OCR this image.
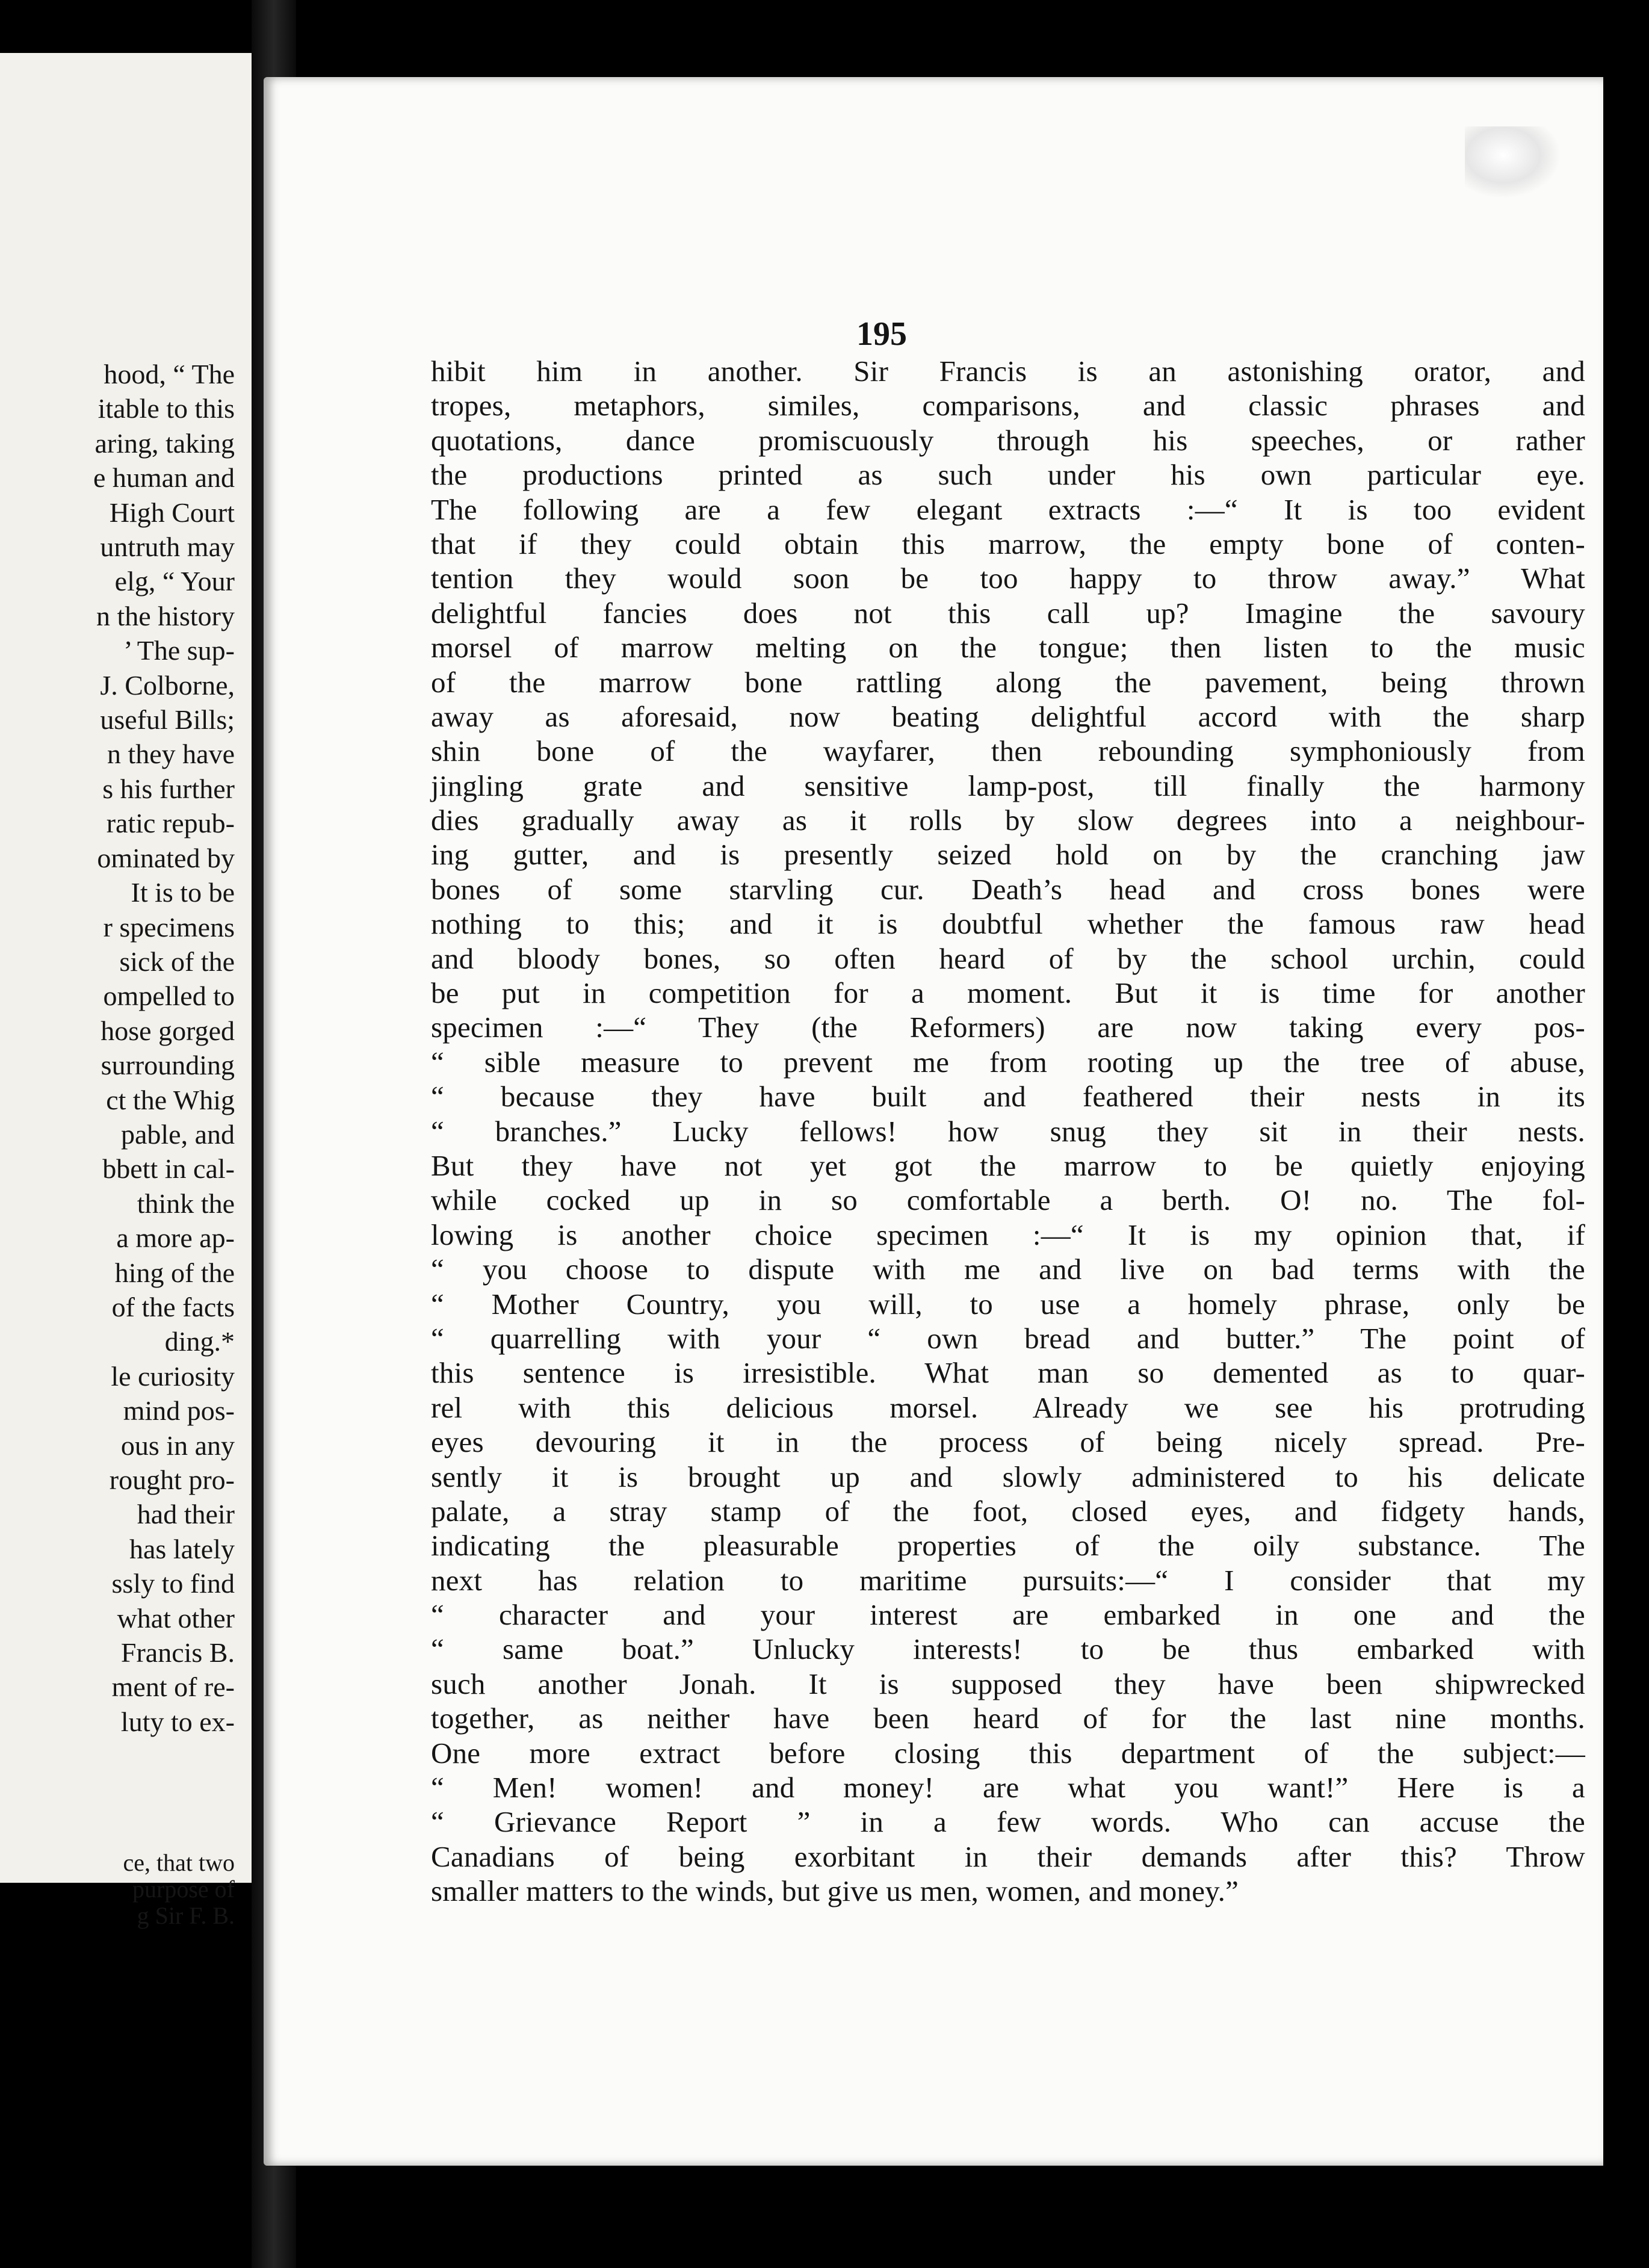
hood, “ The
itable to this
aring, taking
e human and
High Court
untruth may
elg, “ Your
n the history
’ The sup-
J. Colborne,
useful Bills;
n they have
s his further
ratic repub-
ominated by
It is to be
r specimens
sick of the
ompelled to
hose gorged
surrounding
ct the Whig
pable, and
bbett in cal-
think the
a more ap-
hing of the
of the facts
ding.*
le curiosity
mind pos-
ous in any
rought pro-
had their
has lately
ssly to find
what other
Francis B.
ment of re-
luty to ex-
ce, that two
purpose of
g Sir F. B.
195
hibit him in another. Sir Francis is an astonishing orator, and
tropes, metaphors, similes, comparisons, and classic phrases and
quotations, dance promiscuously through his speeches, or rather
the productions printed as such under his own particular eye.
The following are a few elegant extracts :—“ It is too evident
that if they could obtain this marrow, the empty bone of conten-
tention they would soon be too happy to throw away.” What
delightful fancies does not this call up? Imagine the savoury
morsel of marrow melting on the tongue; then listen to the music
of the marrow bone rattling along the pavement, being thrown
away as aforesaid, now beating delightful accord with the sharp
shin bone of the wayfarer, then rebounding symphoniously from
jingling grate and sensitive lamp-post, till finally the harmony
dies gradually away as it rolls by slow degrees into a neighbour-
ing gutter, and is presently seized hold on by the cranching jaw
bones of some starvling cur. Death’s head and cross bones were
nothing to this; and it is doubtful whether the famous raw head
and bloody bones, so often heard of by the school urchin, could
be put in competition for a moment. But it is time for another
specimen :—“ They (the Reformers) are now taking every pos-
“ sible measure to prevent me from rooting up the tree of abuse,
“ because they have built and feathered their nests in its
“ branches.” Lucky fellows! how snug they sit in their nests.
But they have not yet got the marrow to be quietly enjoying
while cocked up in so comfortable a berth. O! no. The fol-
lowing is another choice specimen :—“ It is my opinion that, if
“ you choose to dispute with me and live on bad terms with the
“ Mother Country, you will, to use a homely phrase, only be
“ quarrelling with your “ own bread and butter.” The point of
this sentence is irresistible. What man so demented as to quar-
rel with this delicious morsel. Already we see his protruding
eyes devouring it in the process of being nicely spread. Pre-
sently it is brought up and slowly administered to his delicate
palate, a stray stamp of the foot, closed eyes, and fidgety hands,
indicating the pleasurable properties of the oily substance. The
next has relation to maritime pursuits:—“ I consider that my
“ character and your interest are embarked in one and the
“ same boat.” Unlucky interests! to be thus embarked with
such another Jonah. It is supposed they have been shipwrecked
together, as neither have been heard of for the last nine months.
One more extract before closing this department of the subject:—
“ Men! women! and money! are what you want!” Here is a
“ Grievance Report ” in a few words. Who can accuse the
Canadians of being exorbitant in their demands after this? Throw
smaller matters to the winds, but give us men, women, and money.”
